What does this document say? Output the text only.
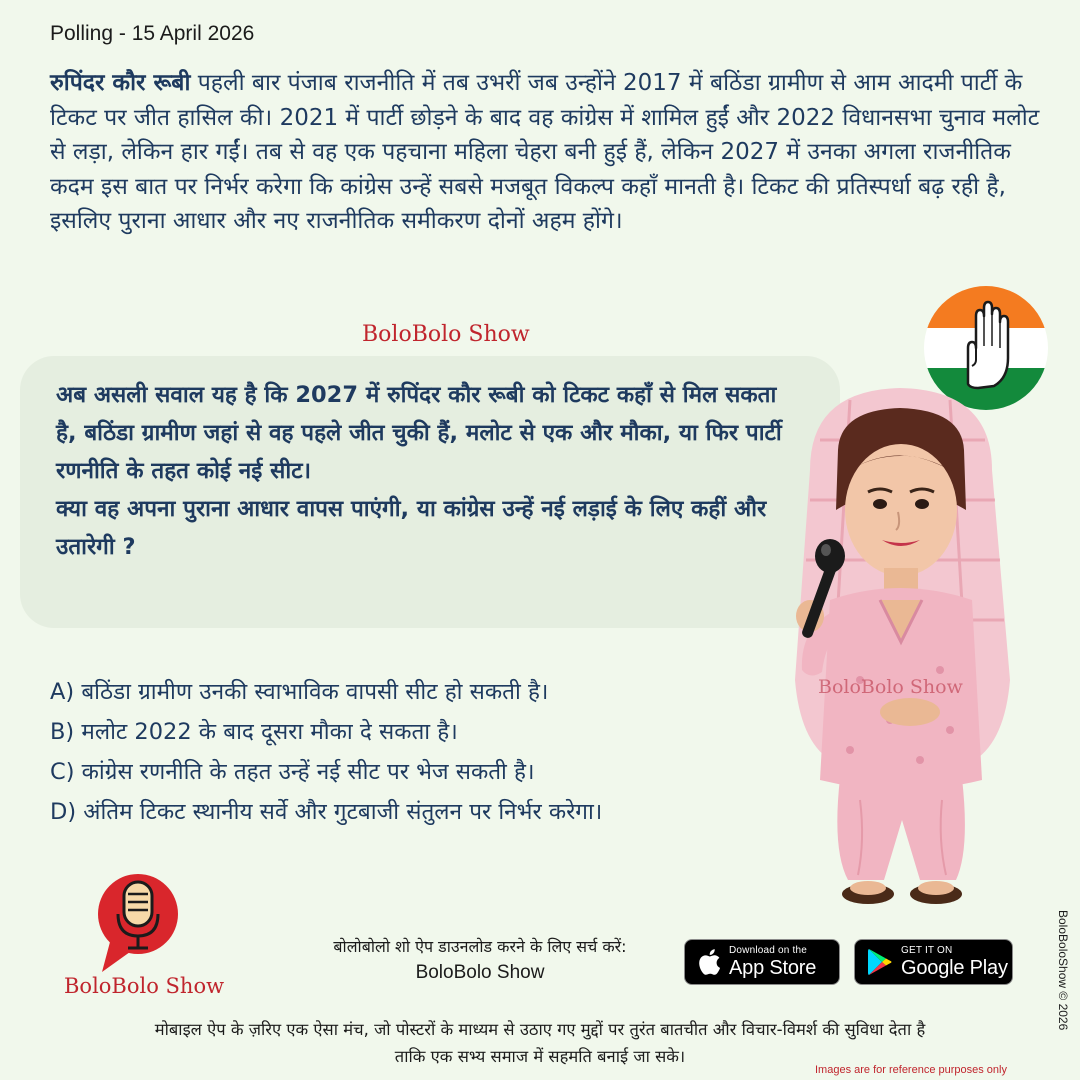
Polling - 15 April 2026

रुपिंदर कौर रूबी पहली बार पंजाब राजनीति में तब उभरीं जब उन्होंने 2017 में बठिंडा ग्रामीण से आम आदमी पार्टी के टिकट पर जीत हासिल की। 2021 में पार्टी छोड़ने के बाद वह कांग्रेस में शामिल हुईं और 2022 विधानसभा चुनाव मलोट से लड़ा, लेकिन हार गईं। तब से वह एक पहचाना महिला चेहरा बनी हुई हैं, लेकिन 2027 में उनका अगला राजनीतिक कदम इस बात पर निर्भर करेगा कि कांग्रेस उन्हें सबसे मजबूत विकल्प कहाँ मानती है। टिकट की प्रतिस्पर्धा बढ़ रही है, इसलिए पुराना आधार और नए राजनीतिक समीकरण दोनों अहम होंगे।

BoloBolo Show
अब असली सवाल यह है कि 2027 में रुपिंदर कौर रूबी को टिकट कहाँ से मिल सकता है, बठिंडा ग्रामीण जहां से वह पहले जीत चुकी हैं, मलोट से एक और मौका, या फिर पार्टी रणनीति के तहत कोई नई सीट।
क्या वह अपना पुराना आधार वापस पाएंगी, या कांग्रेस उन्हें नई लड़ाई के लिए कहीं और उतारेगी ?
BoloBolo Show
A) बठिंडा ग्रामीण उनकी स्वाभाविक वापसी सीट हो सकती है।
B) मलोट 2022 के बाद दूसरा मौका दे सकता है।
C) कांग्रेस रणनीति के तहत उन्हें नई सीट पर भेज सकती है।
D) अंतिम टिकट स्थानीय सर्वे और गुटबाजी संतुलन पर निर्भर करेगा।
BoloBolo Show
बोलोबोलो शो ऐप डाउनलोड करने के लिए सर्च करें:
BoloBolo Show
Download on the
App Store
GET IT ON
Google Play
मोबाइल ऐप के ज़रिए एक ऐसा मंच, जो पोस्टरों के माध्यम से उठाए गए मुद्दों पर तुरंत बातचीत और विचार-विमर्श की सुविधा देता है
ताकि एक सभ्य समाज में सहमति बनाई जा सके।
Images are for reference purposes only
BoloBoloShow © 2026
